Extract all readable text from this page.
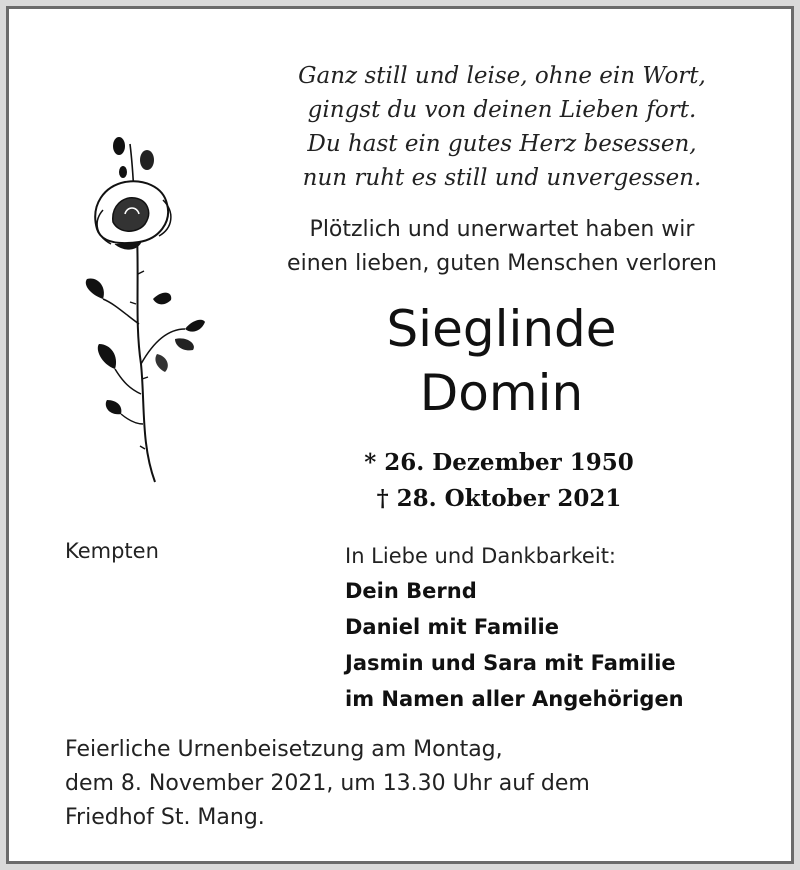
Ganz still und leise, ohne ein Wort,
gingst du von deinen Lieben fort.
Du hast ein gutes Herz besessen,
nun ruht es still und unvergessen.
Plötzlich und unerwartet haben wir
einen lieben, guten Menschen verloren
Sieglinde
Domin
* 26. Dezember 1950
† 28. Oktober 2021
Kempten	In Liebe und Dankbarkeit:
Dein Bernd
Daniel mit Familie
Jasmin und Sara mit Familie
im Namen aller Angehörigen
Feierliche Urnenbeisetzung am Montag,
dem 8. November 2021, um 13.30 Uhr auf dem
Friedhof St. Mang.
